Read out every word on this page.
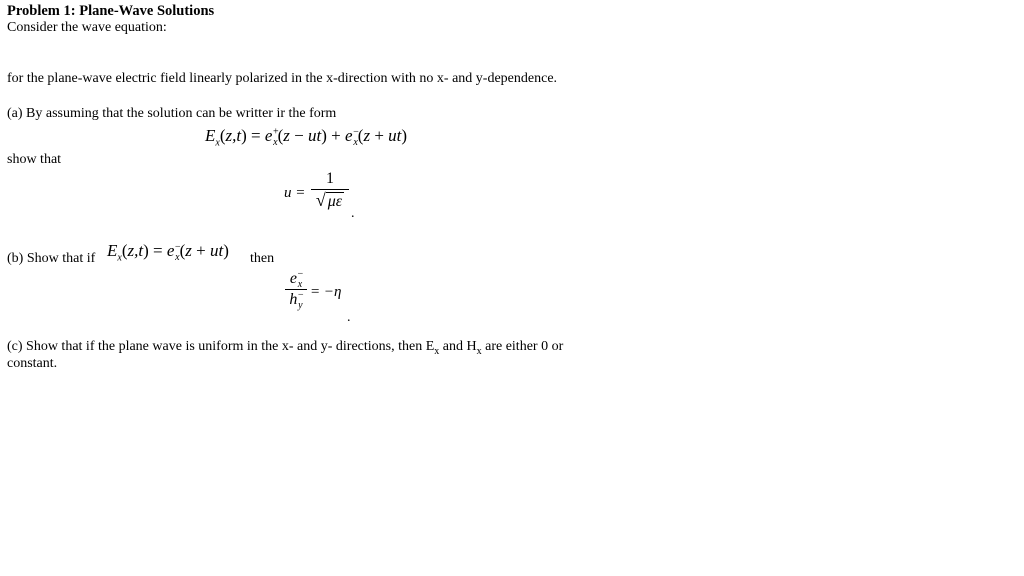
Problem 1: Plane-Wave Solutions
Consider the wave equation:
for the plane-wave electric field linearly polarized in the x-direction with no x- and y-dependence.
(a) By assuming that the solution can be writter ir the form
$E_x(z,t) = e^+_x(z - ut) + e^-_x(z + ut)$
show that
u =
1
√ με
.
(b) Show that if $E_x(z,t) = e^-_x(z + ut)$ then
$e^-_x$
$h^-_y$
= −η
.
(c) Show that if the plane wave is uniform in the x- and y- directions, then $E_x$ and $H_x$ are either 0 or
constant.
